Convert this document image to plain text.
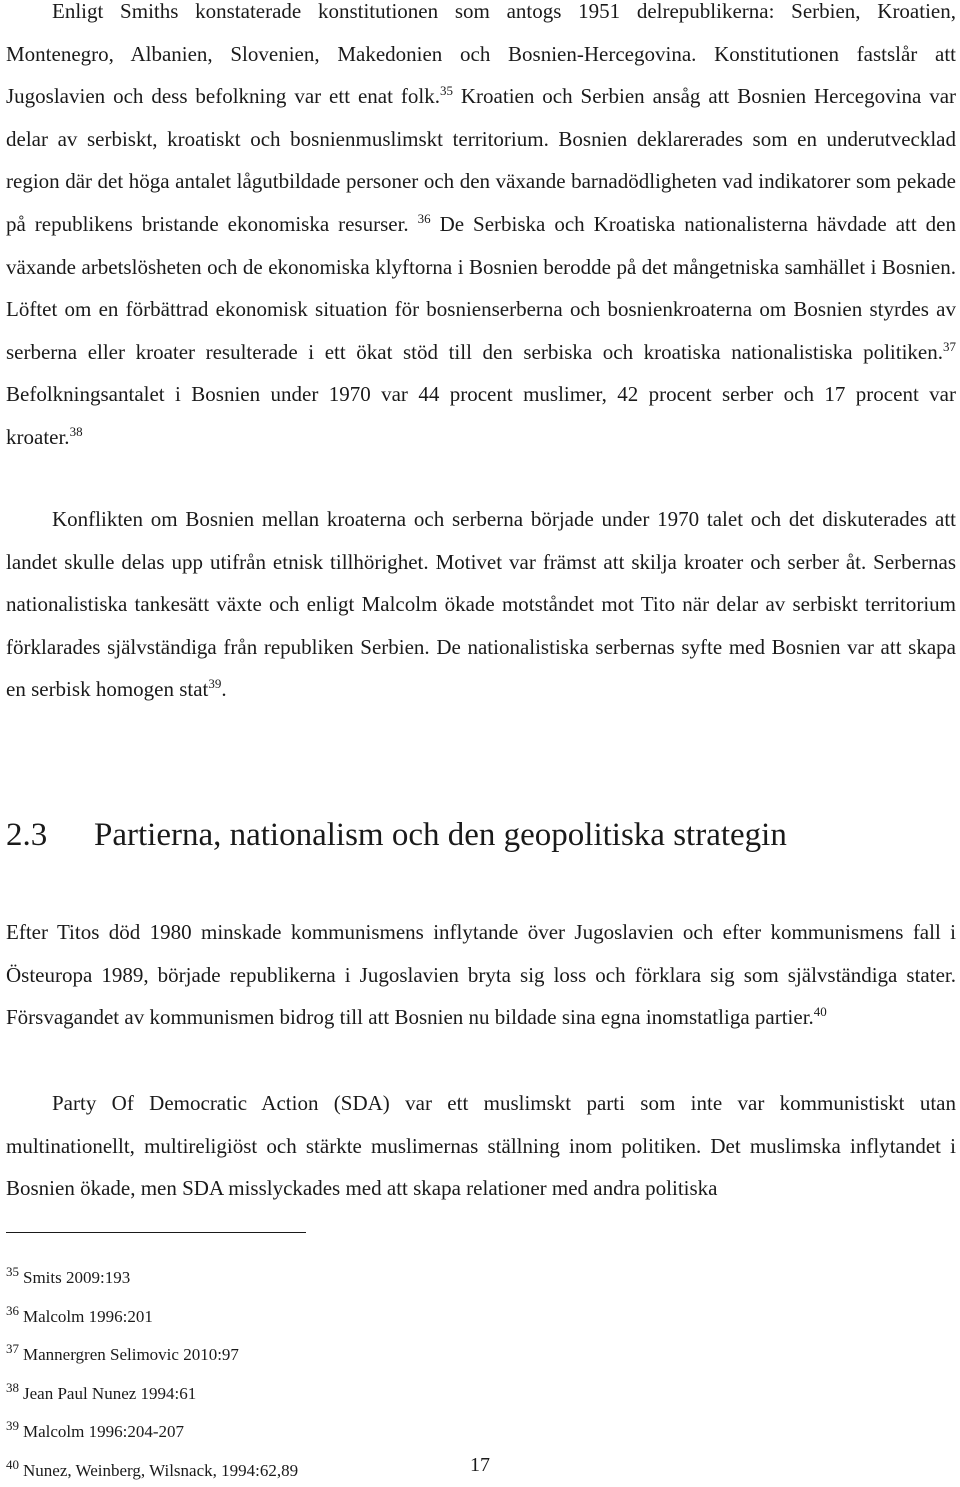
Enligt Smiths konstaterade konstitutionen som antogs 1951 delrepublikerna: Serbien, Kroatien, Montenegro, Albanien, Slovenien, Makedonien och Bosnien-Hercegovina. Konstitutionen fastslår att Jugoslavien och dess befolkning var ett enat folk.$^{35}$ Kroatien och Serbien ansåg att Bosnien Hercegovina var delar av serbiskt, kroatiskt och bosnienmuslimskt territorium. Bosnien deklarerades som en underutvecklad region där det höga antalet lågutbildade personer och den växande barnadödligheten vad indikatorer som pekade på republikens bristande ekonomiska resurser. $^{36}$ De Serbiska och Kroatiska nationalisterna hävdade att den växande arbetslösheten och de ekonomiska klyftorna i Bosnien berodde på det mångetniska samhället i Bosnien. Löftet om en förbättrad ekonomisk situation för bosnienserberna och bosnienkroaterna om Bosnien styrdes av serberna eller kroater resulterade i ett ökat stöd till den serbiska och kroatiska nationalistiska politiken.$^{37}$ Befolkningsantalet i Bosnien under 1970 var 44 procent muslimer, 42 procent serber och 17 procent var kroater.$^{38}$

Konflikten om Bosnien mellan kroaterna och serberna började under 1970 talet och det diskuterades att landet skulle delas upp utifrån etnisk tillhörighet. Motivet var främst att skilja kroater och serber åt. Serbernas nationalistiska tankesätt växte och enligt Malcolm ökade motståndet mot Tito när delar av serbiskt territorium förklarades självständiga från republiken Serbien. De nationalistiska serbernas syfte med Bosnien var att skapa en serbisk homogen stat$^{39}$.

2.3 Partierna, nationalism och den geopolitiska strategin

Efter Titos död 1980 minskade kommunismens inflytande över Jugoslavien och efter kommunismens fall i Östeuropa 1989, började republikerna i Jugoslavien bryta sig loss och förklara sig som självständiga stater. Försvagandet av kommunismen bidrog till att Bosnien nu bildade sina egna inomstatliga partier.$^{40}$

Party Of Democratic Action (SDA) var ett muslimskt parti som inte var kommunistiskt utan multinationellt, multireligiöst och stärkte muslimernas ställning inom politiken. Det muslimska inflytandet i Bosnien ökade, men SDA misslyckades med att skapa relationer med andra politiska

$^{35}$ Smits 2009:193
$^{36}$ Malcolm 1996:201
$^{37}$ Mannergren Selimovic 2010:97
$^{38}$ Jean Paul Nunez 1994:61
$^{39}$ Malcolm 1996:204-207
$^{40}$ Nunez, Weinberg, Wilsnack, 1994:62,89	17
